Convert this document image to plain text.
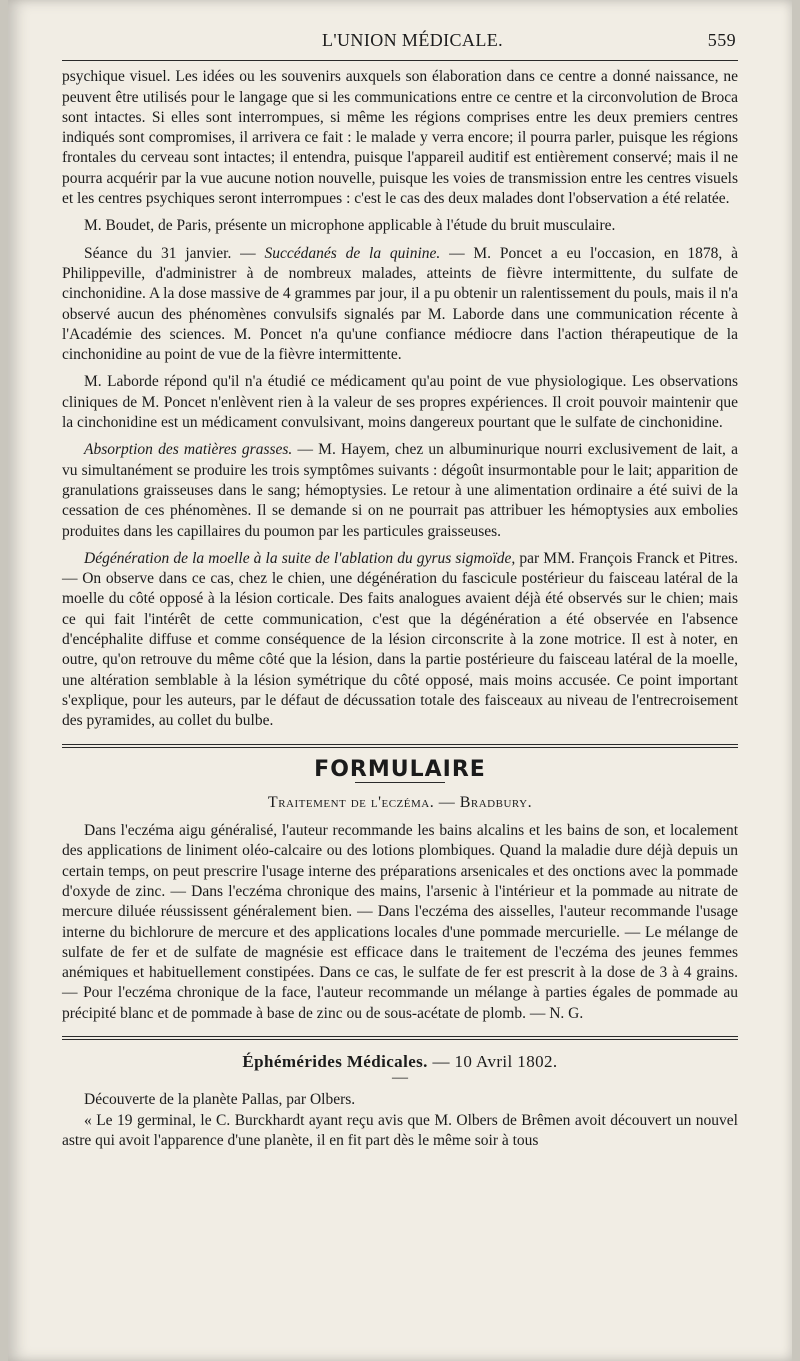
L'UNION MÉDICALE.	559

psychique visuel. Les idées ou les souvenirs auxquels son élaboration dans ce centre a donné naissance, ne peuvent être utilisés pour le langage que si les communications entre ce centre et la circonvolution de Broca sont intactes. Si elles sont interrompues, si même les régions comprises entre les deux premiers centres indiqués sont compromises, il arrivera ce fait : le malade y verra encore; il pourra parler, puisque les régions frontales du cerveau sont intactes; il entendra, puisque l'appareil auditif est entièrement conservé; mais il ne pourra acquérir par la vue aucune notion nouvelle, puisque les voies de transmission entre les centres visuels et les centres psychiques seront interrompues : c'est le cas des deux malades dont l'observation a été relatée.

M. Boudet, de Paris, présente un microphone applicable à l'étude du bruit musculaire.

Séance du 31 janvier. — Succédanés de la quinine. — M. Poncet a eu l'occasion, en 1878, à Philippeville, d'administrer à de nombreux malades, atteints de fièvre intermittente, du sulfate de cinchonidine. A la dose massive de 4 grammes par jour, il a pu obtenir un ralentissement du pouls, mais il n'a observé aucun des phénomènes convulsifs signalés par M. Laborde dans une communication récente à l'Académie des sciences. M. Poncet n'a qu'une confiance médiocre dans l'action thérapeutique de la cinchonidine au point de vue de la fièvre intermittente.

M. Laborde répond qu'il n'a étudié ce médicament qu'au point de vue physiologique. Les observations cliniques de M. Poncet n'enlèvent rien à la valeur de ses propres expériences. Il croit pouvoir maintenir que la cinchonidine est un médicament convulsivant, moins dangereux pourtant que le sulfate de cinchonidine.

Absorption des matières grasses. — M. Hayem, chez un albuminurique nourri exclusivement de lait, a vu simultanément se produire les trois symptômes suivants : dégoût insurmontable pour le lait; apparition de granulations graisseuses dans le sang; hémoptysies. Le retour à une alimentation ordinaire a été suivi de la cessation de ces phénomènes. Il se demande si on ne pourrait pas attribuer les hémoptysies aux embolies produites dans les capillaires du poumon par les particules graisseuses.

Dégénération de la moelle à la suite de l'ablation du gyrus sigmoïde, par MM. François Franck et Pitres. — On observe dans ce cas, chez le chien, une dégénération du fascicule postérieur du faisceau latéral de la moelle du côté opposé à la lésion corticale. Des faits analogues avaient déjà été observés sur le chien; mais ce qui fait l'intérêt de cette communication, c'est que la dégénération a été observée en l'absence d'encéphalite diffuse et comme conséquence de la lésion circonscrite à la zone motrice. Il est à noter, en outre, qu'on retrouve du même côté que la lésion, dans la partie postérieure du faisceau latéral de la moelle, une altération semblable à la lésion symétrique du côté opposé, mais moins accusée. Ce point important s'explique, pour les auteurs, par le défaut de décussation totale des faisceaux au niveau de l'entrecroisement des pyramides, au collet du bulbe.

FORMULAIRE
Traitement de l'eczéma. — Bradbury.

Dans l'eczéma aigu généralisé, l'auteur recommande les bains alcalins et les bains de son, et localement des applications de liniment oléo-calcaire ou des lotions plombiques. Quand la maladie dure déjà depuis un certain temps, on peut prescrire l'usage interne des préparations arsenicales et des onctions avec la pommade d'oxyde de zinc. — Dans l'eczéma chronique des mains, l'arsenic à l'intérieur et la pommade au nitrate de mercure diluée réussissent généralement bien. — Dans l'eczéma des aisselles, l'auteur recommande l'usage interne du bichlorure de mercure et des applications locales d'une pommade mercurielle. — Le mélange de sulfate de fer et de sulfate de magnésie est efficace dans le traitement de l'eczéma des jeunes femmes anémiques et habituellement constipées. Dans ce cas, le sulfate de fer est prescrit à la dose de 3 à 4 grains. — Pour l'eczéma chronique de la face, l'auteur recommande un mélange à parties égales de pommade au précipité blanc et de pommade à base de zinc ou de sous-acétate de plomb. — N. G.

Éphémérides Médicales. — 10 Avril 1802.
—

Découverte de la planète Pallas, par Olbers.

« Le 19 germinal, le C. Burckhardt ayant reçu avis que M. Olbers de Brêmen avoit découvert un nouvel astre qui avoit l'apparence d'une planète, il en fit part dès le même soir à tous
